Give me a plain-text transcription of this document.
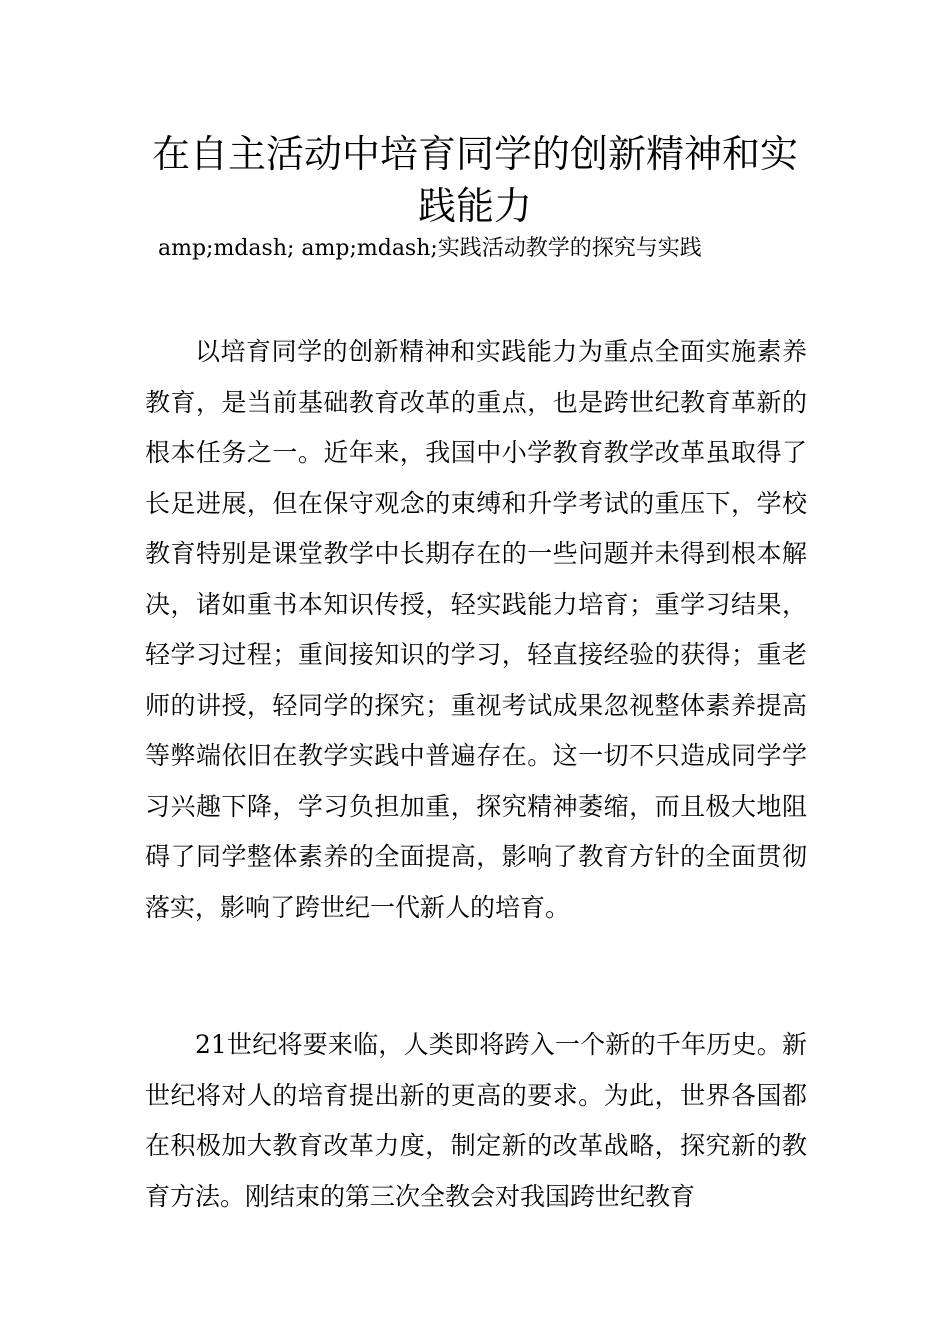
在自主活动中培育同学的创新精神和实践能力

amp;mdash; amp;mdash;实践活动教学的探究与实践

以培育同学的创新精神和实践能力为重点全面实施素养教育，是当前基础教育改革的重点，也是跨世纪教育革新的根本任务之一。近年来，我国中小学教育教学改革虽取得了长足进展，但在保守观念的束缚和升学考试的重压下，学校教育特别是课堂教学中长期存在的一些问题并未得到根本解决，诸如重书本知识传授，轻实践能力培育；重学习结果，轻学习过程；重间接知识的学习，轻直接经验的获得；重老师的讲授，轻同学的探究；重视考试成果忽视整体素养提高等弊端依旧在教学实践中普遍存在。这一切不只造成同学学习兴趣下降，学习负担加重，探究精神萎缩，而且极大地阻碍了同学整体素养的全面提高，影响了教育方针的全面贯彻落实，影响了跨世纪一代新人的培育。

21世纪将要来临，人类即将跨入一个新的千年历史。新世纪将对人的培育提出新的更高的要求。为此，世界各国都在积极加大教育改革力度，制定新的改革战略，探究新的教育方法。刚结束的第三次全教会对我国跨世纪教育
